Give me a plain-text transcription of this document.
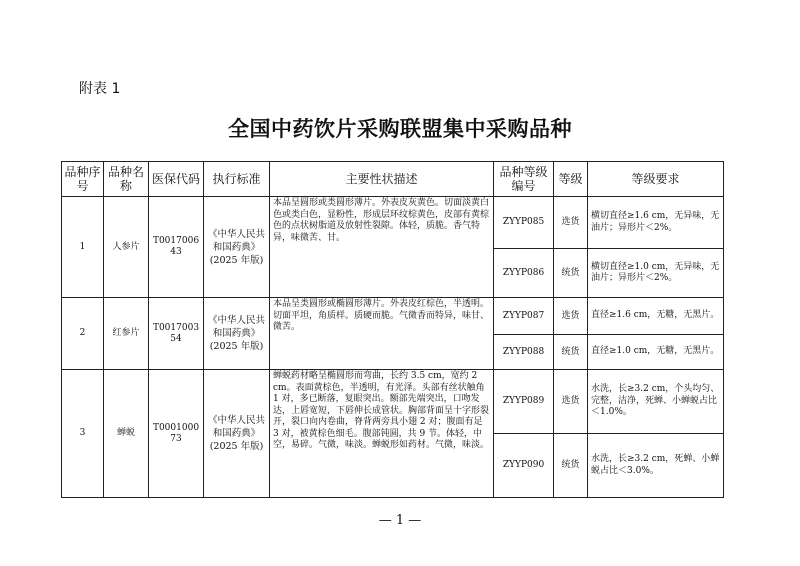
附表 1
全国中药饮片采购联盟集中采购品种
品种序号	品种名称	医保代码	执行标准	主要性状描述	品种等级编号	等级	等级要求
1	人参片	T001700643	《中华人民共和国药典》(2025 年版)	本品呈圆形或类圆形薄片。外表皮灰黄色。切面淡黄白色或类白色，显粉性，形成层环纹棕黄色，皮部有黄棕色的点状树脂道及放射性裂隙。体轻，质脆。香气特异，味微苦、甘。	ZYYP085	选货	横切直径≥1.6 cm，无异味，无油片；异形片＜2%。
					ZYYP086	统货	横切直径≥1.0 cm，无异味，无油片；异形片＜2%。
2	红参片	T001700354	《中华人民共和国药典》(2025 年版)	本品呈类圆形或椭圆形薄片。外表皮红棕色，半透明。切面平坦，角质样。质硬而脆。气微香而特异，味甘、微苦。	ZYYP087	选货	直径≥1.6 cm，无糖，无黑片。
					ZYYP088	统货	直径≥1.0 cm，无糖，无黑片。
3	蝉蜕	T000100073	《中华人民共和国药典》(2025 年版)	蝉蜕药材略呈椭圆形而弯曲，长约 3.5 cm，宽约 2 cm。表面黄棕色，半透明，有光泽。头部有丝状触角 1 对，多已断落，复眼突出。额部先端突出，口吻发达，上唇宽短，下唇伸长成管状。胸部背面呈十字形裂开，裂口向内卷曲，脊背两旁具小翅 2 对；腹面有足 3 对，被黄棕色细毛。腹部钝圆，共 9 节。体轻，中空，易碎。气微，味淡。蝉蜕形如药材。气微，味淡。	ZYYP089	选货	水洗，长≥3.2 cm，个头均匀、完整，洁净，死蝉、小蝉蜕占比＜1.0%。
					ZYYP090	统货	水洗，长≥3.2 cm，死蝉、小蝉蜕占比＜3.0%。
— 1 —
